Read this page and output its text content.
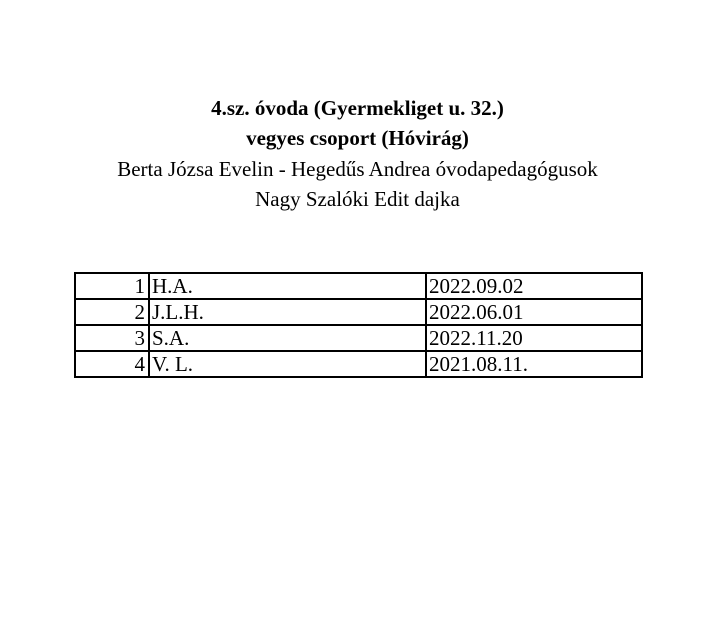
4.sz. óvoda (Gyermekliget u. 32.)
vegyes csoport (Hóvirág)
Berta Józsa Evelin - Hegedűs Andrea óvodapedagógusok
Nagy Szalóki Edit dajka
1	H.A.	2022.09.02
2	J.L.H.	2022.06.01
3	S.A.	2022.11.20
4	V. L.	2021.08.11.
